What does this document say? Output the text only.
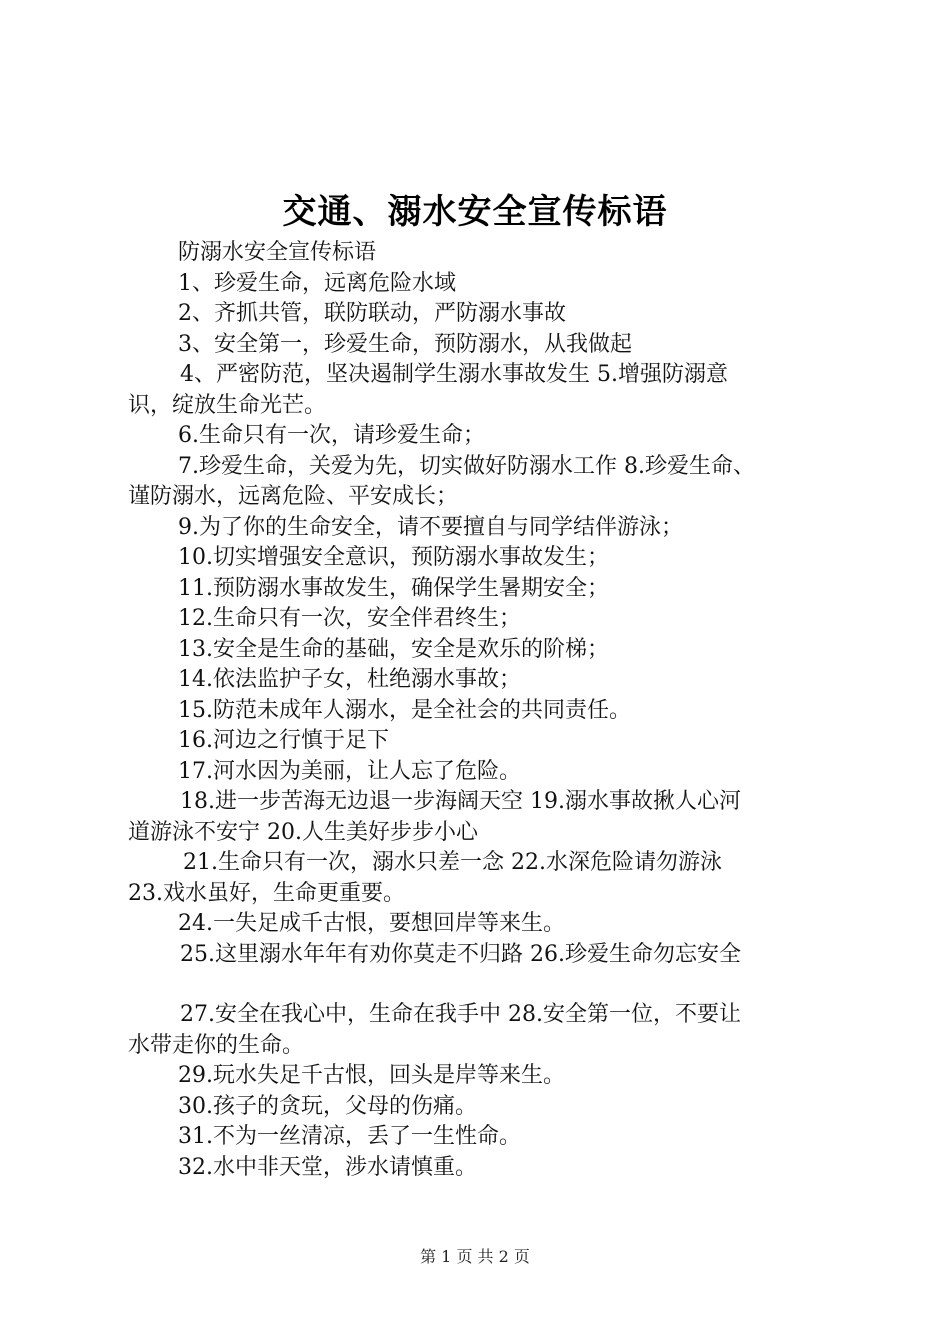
交通、溺水安全宣传标语

防溺水安全宣传标语

1、珍爱生命，远离危险水域

2、齐抓共管，联防联动，严防溺水事故

3、安全第一，珍爱生命，预防溺水，从我做起

4、严密防范，坚决遏制学生溺水事故发生 5.增强防溺意

识，绽放生命光芒。

6.生命只有一次，请珍爱生命；

7.珍爱生命，关爱为先，切实做好防溺水工作 8.珍爱生命、

谨防溺水，远离危险、平安成长；

9.为了你的生命安全，请不要擅自与同学结伴游泳；

10.切实增强安全意识，预防溺水事故发生；

11.预防溺水事故发生，确保学生暑期安全；

12.生命只有一次，安全伴君终生；

13.安全是生命的基础，安全是欢乐的阶梯；

14.依法监护子女，杜绝溺水事故；

15.防范未成年人溺水，是全社会的共同责任。

16.河边之行慎于足下

17.河水因为美丽，让人忘了危险。

18.进一步苦海无边退一步海阔天空 19.溺水事故揪人心河

道游泳不安宁 20.人生美好步步小心

21.生命只有一次，溺水只差一念 22.水深危险请勿游泳

23.戏水虽好，生命更重要。

24.一失足成千古恨，要想回岸等来生。

25.这里溺水年年有劝你莫走不归路 26.珍爱生命勿忘安全

27.安全在我心中，生命在我手中 28.安全第一位，不要让

水带走你的生命。

29.玩水失足千古恨，回头是岸等来生。

30.孩子的贪玩，父母的伤痛。

31.不为一丝清凉，丢了一生性命。

32.水中非天堂，涉水请慎重。

第 1 页 共 2 页
